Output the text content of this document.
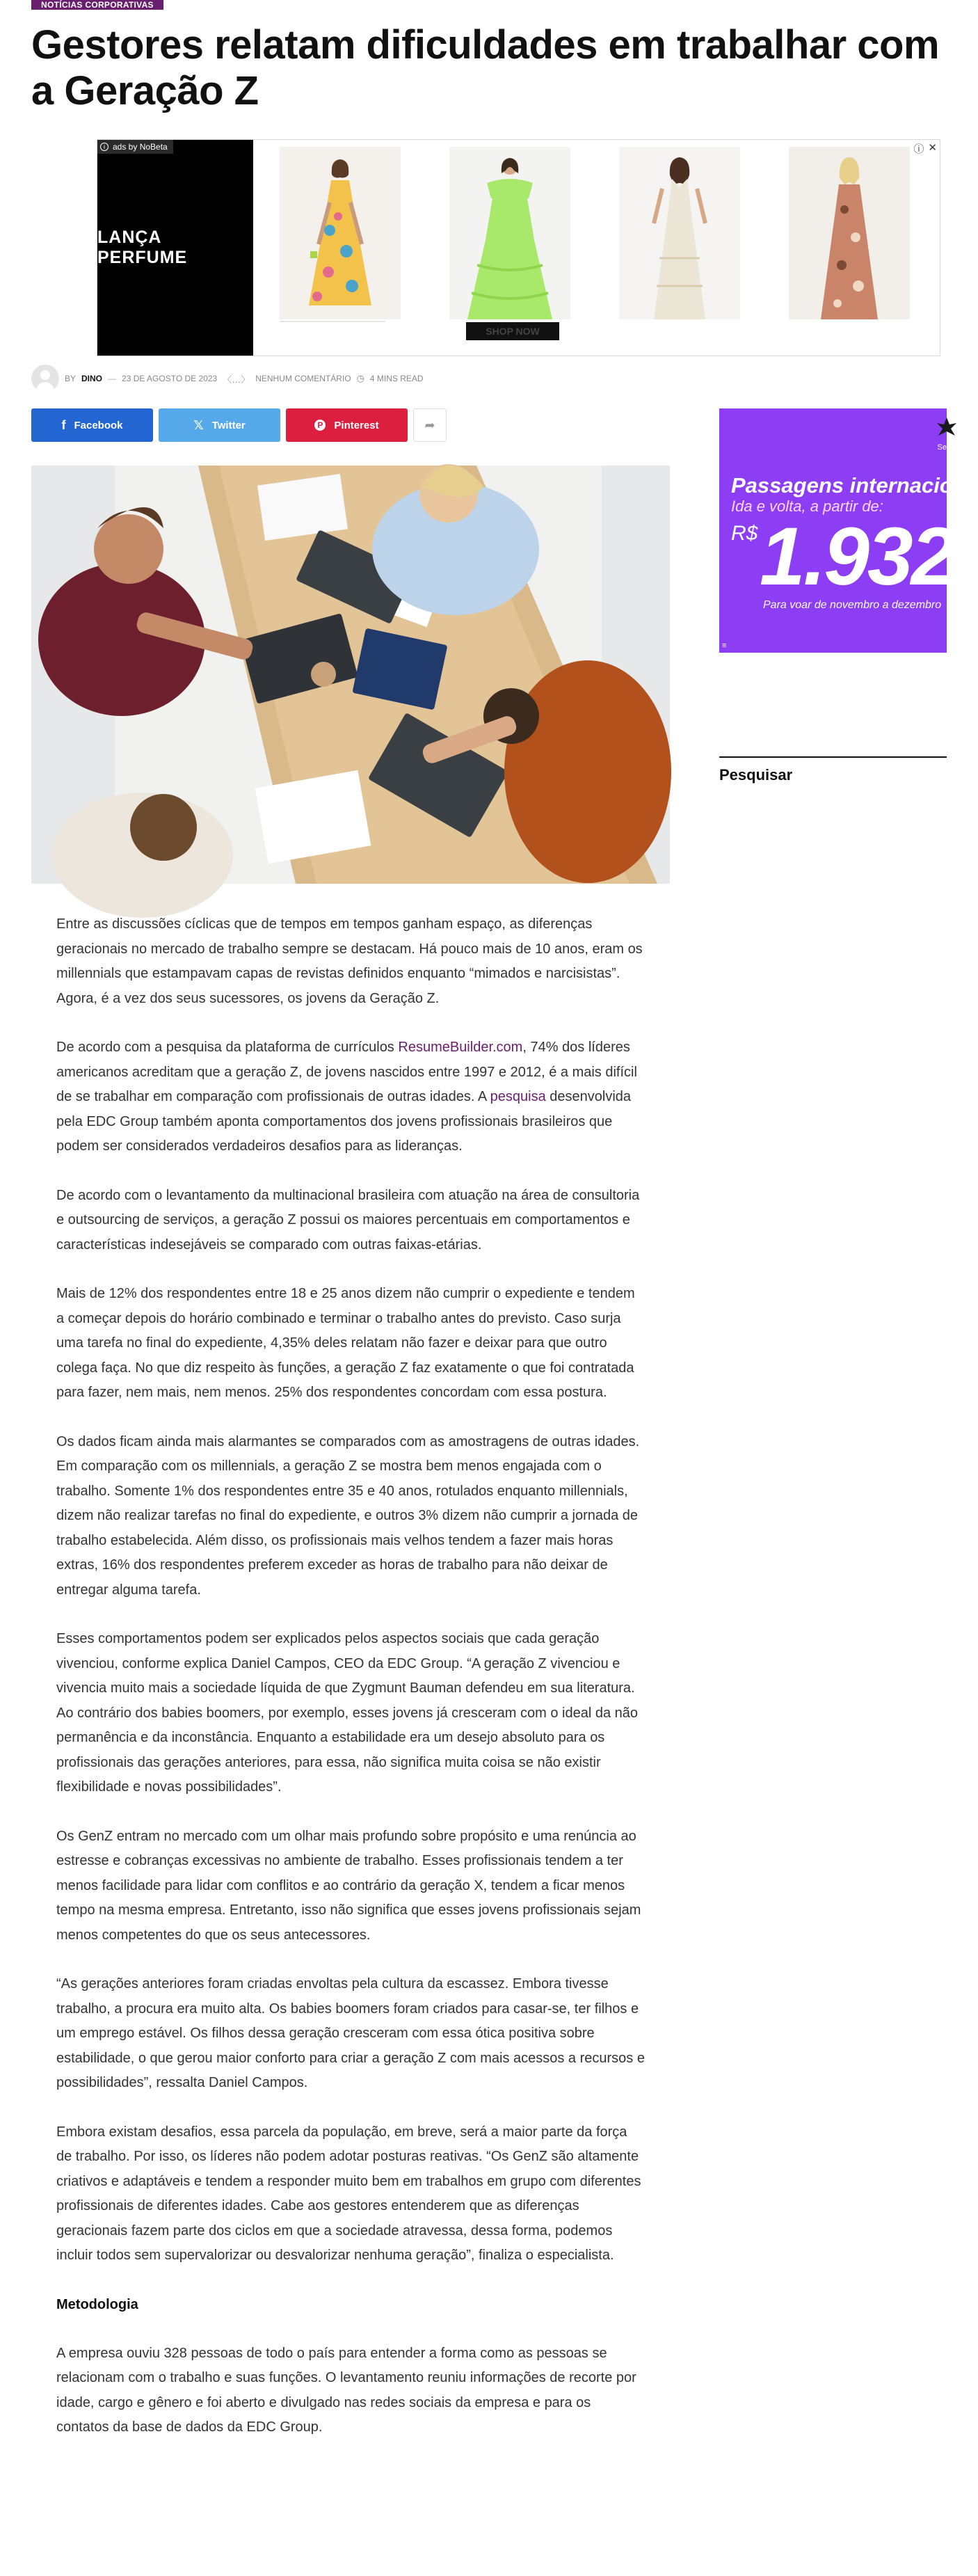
NOTÍCIAS CORPORATIVAS
Gestores relatam dificuldades em trabalhar com a Geração Z
LANÇA PERFUME
i ads by NoBeta	ⓘ ✕
SHOP NOW
BY DINO — 23 DE AGOSTO DE 2023 〈…〉 NENHUM COMENTÁRIO ◷ 4 MINS READ
f Facebook	𝕏 Twitter	P Pinterest	➦

Entre as discussões cíclicas que de tempos em tempos ganham espaço, as diferenças geracionais no mercado de trabalho sempre se destacam. Há pouco mais de 10 anos, eram os millennials que estampavam capas de revistas definidos enquanto “mimados e narcisistas”. Agora, é a vez dos seus sucessores, os jovens da Geração Z.

De acordo com a pesquisa da plataforma de currículos ResumeBuilder.com, 74% dos líderes americanos acreditam que a geração Z, de jovens nascidos entre 1997 e 2012, é a mais difícil de se trabalhar em comparação com profissionais de outras idades. A pesquisa desenvolvida pela EDC Group também aponta comportamentos dos jovens profissionais brasileiros que podem ser considerados verdadeiros desafios para as lideranças.

De acordo com o levantamento da multinacional brasileira com atuação na área de consultoria e outsourcing de serviços, a geração Z possui os maiores percentuais em comportamentos e características indesejáveis se comparado com outras faixas-etárias.

Mais de 12% dos respondentes entre 18 e 25 anos dizem não cumprir o expediente e tendem a começar depois do horário combinado e terminar o trabalho antes do previsto. Caso surja uma tarefa no final do expediente, 4,35% deles relatam não fazer e deixar para que outro colega faça. No que diz respeito às funções, a geração Z faz exatamente o que foi contratada para fazer, nem mais, nem menos. 25% dos respondentes concordam com essa postura.

Os dados ficam ainda mais alarmantes se comparados com as amostragens de outras idades. Em comparação com os millennials, a geração Z se mostra bem menos engajada com o trabalho. Somente 1% dos respondentes entre 35 e 40 anos, rotulados enquanto millennials, dizem não realizar tarefas no final do expediente, e outros 3% dizem não cumprir a jornada de trabalho estabelecida. Além disso, os profissionais mais velhos tendem a fazer mais horas extras, 16% dos respondentes preferem exceder as horas de trabalho para não deixar de entregar alguma tarefa.

Esses comportamentos podem ser explicados pelos aspectos sociais que cada geração vivenciou, conforme explica Daniel Campos, CEO da EDC Group. “A geração Z vivenciou e vivencia muito mais a sociedade líquida de que Zygmunt Bauman defendeu em sua literatura. Ao contrário dos babies boomers, por exemplo, esses jovens já cresceram com o ideal da não permanência e da inconstância. Enquanto a estabilidade era um desejo absoluto para os profissionais das gerações anteriores, para essa, não significa muita coisa se não existir flexibilidade e novas possibilidades”.

Os GenZ entram no mercado com um olhar mais profundo sobre propósito e uma renúncia ao estresse e cobranças excessivas no ambiente de trabalho. Esses profissionais tendem a ter menos facilidade para lidar com conflitos e ao contrário da geração X, tendem a ficar menos tempo na mesma empresa. Entretanto, isso não significa que esses jovens profissionais sejam menos competentes do que os seus antecessores.

“As gerações anteriores foram criadas envoltas pela cultura da escassez. Embora tivesse trabalho, a procura era muito alta. Os babies boomers foram criados para casar-se, ter filhos e um emprego estável. Os filhos dessa geração cresceram com essa ótica positiva sobre estabilidade, o que gerou maior conforto para criar a geração Z com mais acessos a recursos e possibilidades”, ressalta Daniel Campos.

Embora existam desafios, essa parcela da população, em breve, será a maior parte da força de trabalho. Por isso, os líderes não podem adotar posturas reativas. “Os GenZ são altamente criativos e adaptáveis e tendem a responder muito bem em trabalhos em grupo com diferentes profissionais de diferentes idades. Cabe aos gestores entenderem que as diferenças geracionais fazem parte dos ciclos em que a sociedade atravessa, dessa forma, podemos incluir todos sem supervalorizar ou desvalorizar nenhuma geração”, finaliza o especialista.

Metodologia

A empresa ouviu 328 pessoas de todo o país para entender a forma como as pessoas se relacionam com o trabalho e suas funções. O levantamento reuniu informações de recorte por idade, cargo e gênero e foi aberto e divulgado nas redes sociais da empresa e para os contatos da base de dados da EDC Group.

Se
Passagens internaciona
Ida e volta, a partir de:
R$ 1.932
Para voar de novembro a dezembro
≡
Pesquisar
